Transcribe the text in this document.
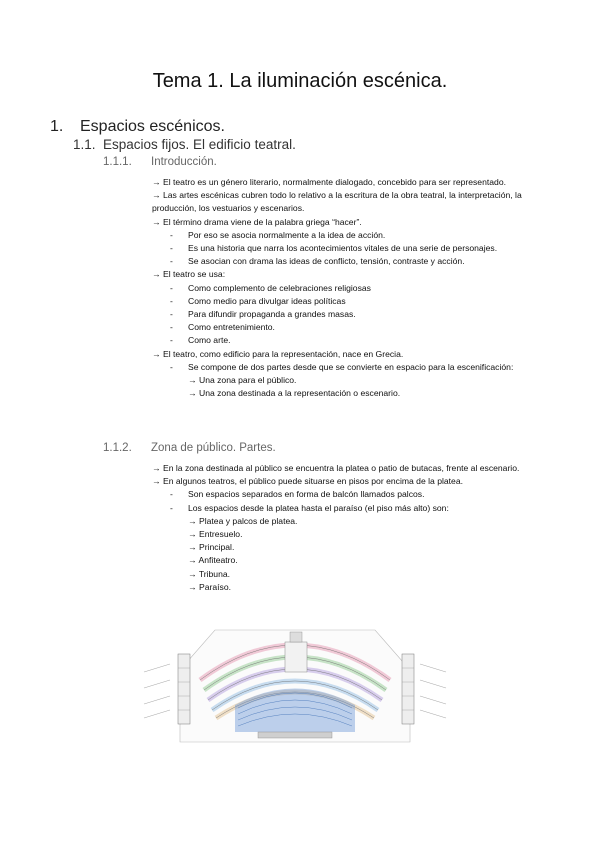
Tema 1. La iluminación escénica.
1. Espacios escénicos.
1.1. Espacios fijos. El edificio teatral.
1.1.1. Introducción.

→ El teatro es un género literario, normalmente dialogado, concebido para ser representado.

→ Las artes escénicas cubren todo lo relativo a la escritura de la obra teatral, la interpretación, la producción, los vestuarios y escenarios.

→ El término drama viene de la palabra griega “hacer”.

- Por eso se asocia normalmente a la idea de acción.

- Es una historia que narra los acontecimientos vitales de una serie de personajes.

- Se asocian con drama las ideas de conflicto, tensión, contraste y acción.

→ El teatro se usa:

- Como complemento de celebraciones religiosas

- Como medio para divulgar ideas políticas

- Para difundir propaganda a grandes masas.

- Como entretenimiento.

- Como arte.

→ El teatro, como edificio para la representación, nace en Grecia.

- Se compone de dos partes desde que se convierte en espacio para la escenificación:

→ Una zona para el público.

→ Una zona destinada a la representación o escenario.

1.1.2. Zona de público. Partes.

→ En la zona destinada al público se encuentra la platea o patio de butacas, frente al escenario.

→ En algunos teatros, el público puede situarse en pisos por encima de la platea.

- Son espacios separados en forma de balcón llamados palcos.

- Los espacios desde la platea hasta el paraíso (el piso más alto) son:

→ Platea y palcos de platea.

→ Entresuelo.

→ Principal.

→ Anfiteatro.

→ Tribuna.

→ Paraíso.
